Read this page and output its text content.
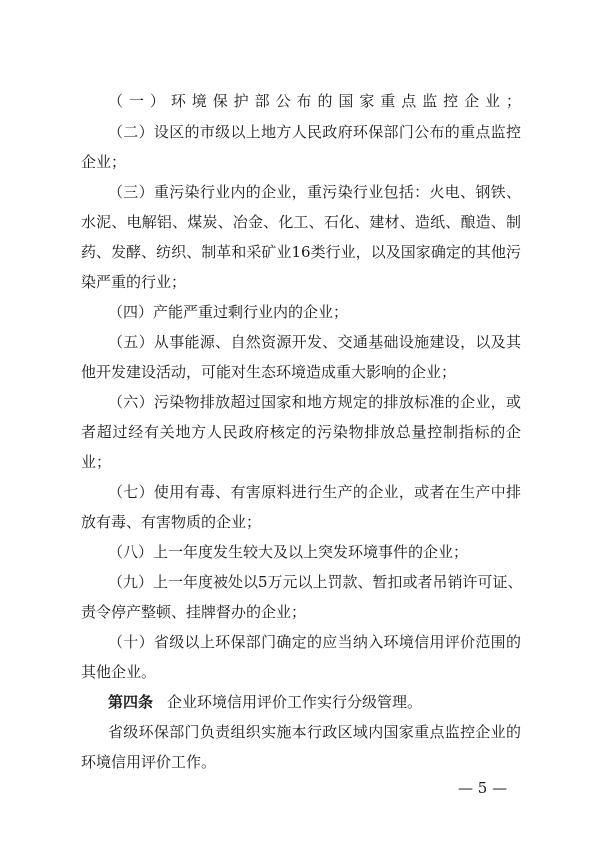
（一）环境保护部公布的国家重点监控企业；
（二）设区的市级以上地方人民政府环保部门公布的重点监控
企业；
（三）重污染行业内的企业，重污染行业包括：火电、钢铁、
水泥、电解铝、煤炭、冶金、化工、石化、建材、造纸、酿造、制
药、发酵、纺织、制革和采矿业16类行业，以及国家确定的其他污
染严重的行业；
（四）产能严重过剩行业内的企业；
（五）从事能源、自然资源开发、交通基础设施建设，以及其
他开发建设活动，可能对生态环境造成重大影响的企业；
（六）污染物排放超过国家和地方规定的排放标准的企业，或
者超过经有关地方人民政府核定的污染物排放总量控制指标的企
业；
（七）使用有毒、有害原料进行生产的企业，或者在生产中排
放有毒、有害物质的企业；
（八）上一年度发生较大及以上突发环境事件的企业；
（九）上一年度被处以5万元以上罚款、暂扣或者吊销许可证、
责令停产整顿、挂牌督办的企业；
（十）省级以上环保部门确定的应当纳入环境信用评价范围的
其他企业。
第四条 企业环境信用评价工作实行分级管理。
省级环保部门负责组织实施本行政区域内国家重点监控企业的
环境信用评价工作。
— 5 —
